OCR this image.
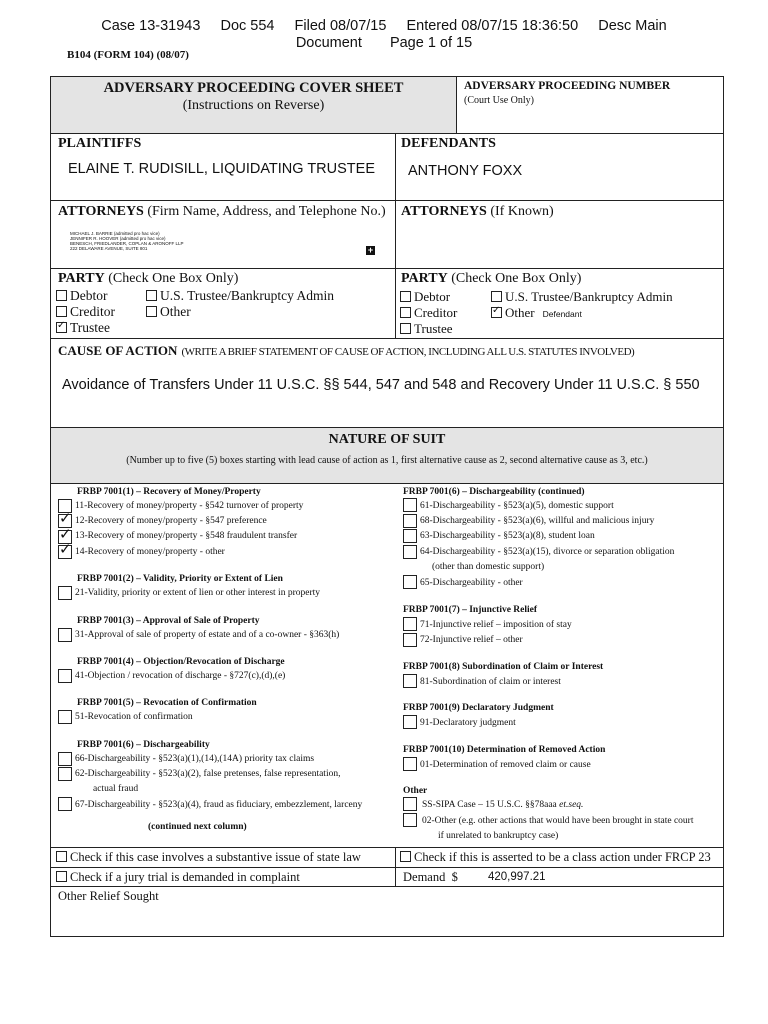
Case 13-31943 Doc 554 Filed 08/07/15 Entered 08/07/15 18:36:50 Desc Main
Document Page 1 of 15
B104 (FORM 104) (08/07)
ADVERSARY PROCEEDING COVER SHEET
(Instructions on Reverse)
ADVERSARY PROCEEDING NUMBER
(Court Use Only)
PLAINTIFFS
ELAINE T. RUDISILL, LIQUIDATING TRUSTEE
DEFENDANTS
ANTHONY FOXX
ATTORNEYS (Firm Name, Address, and Telephone No.)
MICHAEL J. BARRIE (admitted pro hac vice)
JENNIFER R. HOOVER (admitted pro hac vice)
BENESCH, FRIEDLANDER, COPLAN & ARONOFF LLP
222 DELAWARE AVENUE, SUITE 801	+
ATTORNEYS (If Known)
PARTY (Check One Box Only)
Debtor	U.S. Trustee/Bankruptcy Admin
Creditor	Other
✓Trustee
PARTY (Check One Box Only)
Debtor	U.S. Trustee/Bankruptcy Admin
Creditor
✓	Other Defendant
Trustee
CAUSE OF ACTION (WRITE A BRIEF STATEMENT OF CAUSE OF ACTION, INCLUDING ALL U.S. STATUTES INVOLVED)
Avoidance of Transfers Under 11 U.S.C. §§ 544, 547 and 548 and Recovery Under 11 U.S.C. § 550
NATURE OF SUIT
(Number up to five (5) boxes starting with lead cause of action as 1, first alternative cause as 2, second alternative cause as 3, etc.)
FRBP 7001(1) – Recovery of Money/Property
11-Recovery of money/property - §542 turnover of property
✓
12-Recovery of money/property - §547 preference
✓
13-Recovery of money/property - §548 fraudulent transfer
✓
14-Recovery of money/property - other
FRBP 7001(2) – Validity, Priority or Extent of Lien
21-Validity, priority or extent of lien or other interest in property
FRBP 7001(3) – Approval of Sale of Property
31-Approval of sale of property of estate and of a co-owner - §363(h)
FRBP 7001(4) – Objection/Revocation of Discharge
41-Objection / revocation of discharge - §727(c),(d),(e)
FRBP 7001(5) – Revocation of Confirmation
51-Revocation of confirmation
FRBP 7001(6) – Dischargeability
66-Dischargeability - §523(a)(1),(14),(14A) priority tax claims
62-Dischargeability - §523(a)(2), false pretenses, false representation,
actual fraud
67-Dischargeability - §523(a)(4), fraud as fiduciary, embezzlement, larceny
(continued next column)
FRBP 7001(6) – Dischargeability (continued)
61-Dischargeability - §523(a)(5), domestic support
68-Dischargeability - §523(a)(6), willful and malicious injury
63-Dischargeability - §523(a)(8), student loan
64-Dischargeability - §523(a)(15), divorce or separation obligation
(other than domestic support)
65-Dischargeability - other
FRBP 7001(7) – Injunctive Relief
71-Injunctive relief – imposition of stay
72-Injunctive relief – other
FRBP 7001(8) Subordination of Claim or Interest
81-Subordination of claim or interest
FRBP 7001(9) Declaratory Judgment
91-Declaratory judgment
FRBP 7001(10) Determination of Removed Action
01-Determination of removed claim or cause
Other
SS-SIPA Case – 15 U.S.C. §§78aaa et.seq.
02-Other (e.g. other actions that would have been brought in state court
if unrelated to bankruptcy case)
Check if this case involves a substantive issue of state law	Check if this is asserted to be a class action under FRCP 23
Check if a jury trial is demanded in complaint	Demand  $	420,997.21
Other Relief Sought
